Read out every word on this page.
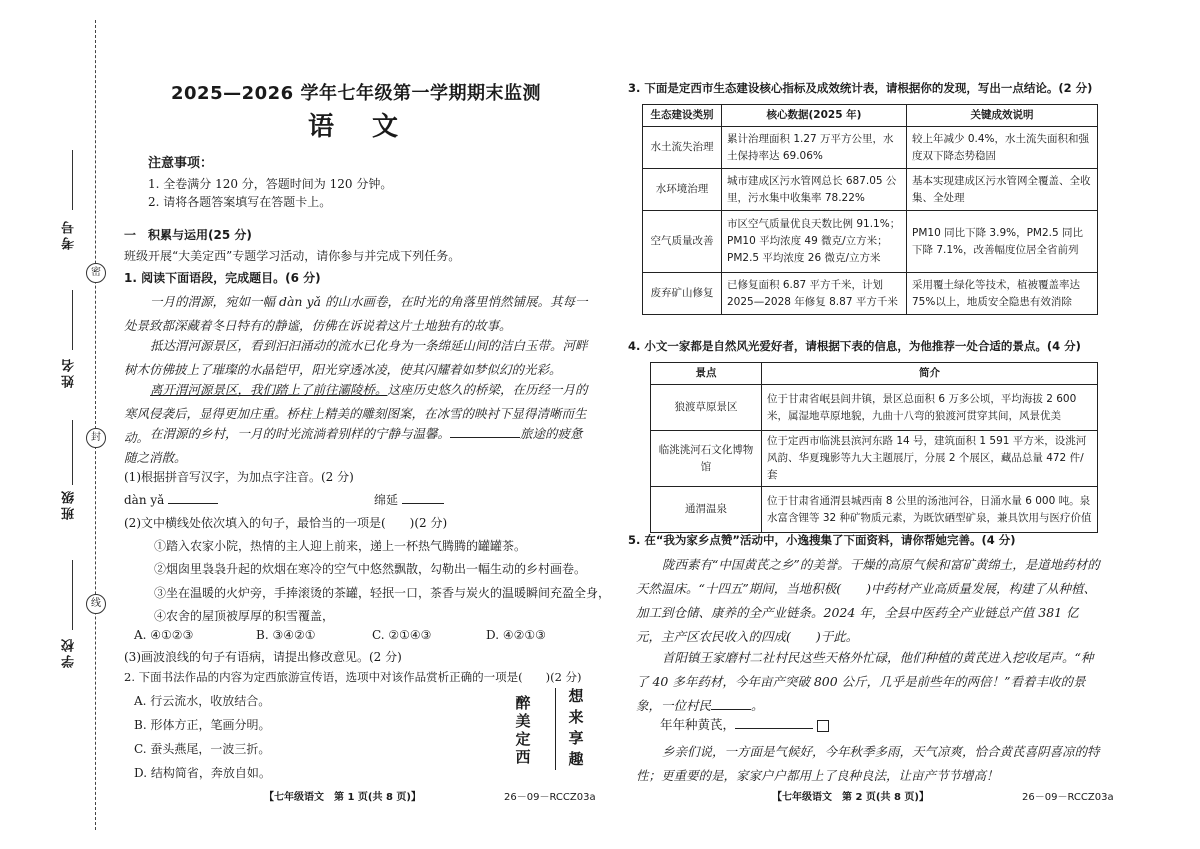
密
封
线
考号
姓名
班级
学校
2025—2026 学年七年级第一学期期末监测
语文
注意事项：
1. 全卷满分 120 分，答题时间为 120 分钟。
2. 请将各题答案填写在答题卡上。
一　积累与运用(25 分)
班级开展“大美定西”专题学习活动，请你参与并完成下列任务。
1. 阅读下面语段，完成题目。(6 分)
一月的渭源，宛如一幅 dàn yǎ 的山水画卷，在时光的角落里悄然铺展。其每一处景致都深藏着冬日特有的静谧，仿佛在诉说着这片土地独有的故事。
抵达渭河源景区，看到汩汩涌动的流水已化身为一条绵延山间的洁白玉带。河畔树木仿佛披上了璀璨的水晶铠甲，阳光穿透冰凌，使其闪耀着如梦似幻的光彩。
离开渭河源景区，我们踏上了前往灞陵桥。这座历史悠久的桥梁，在历经一月的寒风侵袭后，显得更加庄重。桥柱上精美的雕刻图案，在冰雪的映衬下显得清晰而生动。 在渭源的乡村，一月的时光流淌着别样的宁静与温馨。	旅途的疲惫随之消散。
(1)根据拼音写汉字，为加点字注音。(2 分)
dàn yǎ	绵延
(2)文中横线处依次填入的句子，最恰当的一项是(　　)(2 分)
①踏入农家小院，热情的主人迎上前来，递上一杯热气腾腾的罐罐茶。
②烟囱里袅袅升起的炊烟在寒冷的空气中悠然飘散，勾勒出一幅生动的乡村画卷。
③坐在温暖的火炉旁，手捧滚烫的茶罐，轻抿一口，茶香与炭火的温暖瞬间充盈全身，
④农舍的屋顶被厚厚的积雪覆盖，
A. ④①②③	B. ③④②①	C. ②①④③	D. ④②①③
(3)画波浪线的句子有语病，请提出修改意见。(2 分)
2. 下面书法作品的内容为定西旅游宣传语，选项中对该作品赏析正确的一项是(　　)(2 分)
A. 行云流水，收放结合。
B. 形体方正，笔画分明。
C. 蚕头燕尾，一波三折。
D. 结构简省，奔放自如。
醉美定西
想来享趣
【七年级语文　第 1 页(共 8 页)】	26－09－RCCZ03a
3. 下面是定西市生态建设核心指标及成效统计表，请根据你的发现，写出一点结论。(2 分)
生态建设类别	核心数据(2025 年)	关键成效说明
水土流失治理	累计治理面积 1.27 万平方公里，水土保持率达 69.06%	较上年减少 0.4%，水土流失面积和强度双下降态势稳固
水环境治理	城市建成区污水管网总长 687.05 公里，污水集中收集率 78.22%	基本实现建成区污水管网全覆盖、全收集、全处理
空气质量改善	市区空气质量优良天数比例 91.1%；PM10 平均浓度 49 微克/立方米；PM2.5 平均浓度 26 微克/立方米	PM10 同比下降 3.9%，PM2.5 同比下降 7.1%，改善幅度位居全省前列
废弃矿山修复	已修复面积 6.87 平方千米，计划 2025—2028 年修复 8.87 平方千米	采用覆土绿化等技术，植被覆盖率达 75%以上，地质安全隐患有效消除
4. 小文一家都是自然风光爱好者，请根据下表的信息，为他推荐一处合适的景点。(4 分)
景点	简介
狼渡草原景区	位于甘肃省岷县闾井镇，景区总面积 6 万多公顷，平均海拔 2 600 米，属湿地草原地貌，九曲十八弯的狼渡河贯穿其间，风景优美
临洮洮河石文化博物馆	位于定西市临洮县滨河东路 14 号，建筑面积 1 591 平方米，设洮河风韵、华夏瑰影等九大主题展厅，分展 2 个展区，藏品总量 472 件/套
通渭温泉	位于甘肃省通渭县城西南 8 公里的汤池河谷，日涌水量 6 000 吨。泉水富含锂等 32 种矿物质元素，为既饮硒型矿泉，兼具饮用与医疗价值
5. 在“我为家乡点赞”活动中，小逸搜集了下面资料，请你帮她完善。(4 分)
陇西素有“中国黄芪之乡”的美誉。干燥的高原气候和富矿黄绵土，是道地药材的天然温床。“十四五”期间，当地积极(　　)中药材产业高质量发展，构建了从种植、加工到仓储、康养的全产业链条。2024 年，全县中医药全产业链总产值 381 亿元，主产区农民收入的四成(　　)于此。
首阳镇王家磨村二社村民这些天格外忙碌，他们种植的黄芪进入挖收尾声。“种了 40 多年药材，今年亩产突破 800 公斤，几乎是前些年的两倍！”看着丰收的景象，一位村民	。
年年种黄芪，
乡亲们说，一方面是气候好，今年秋季多雨，天气凉爽，恰合黄芪喜阴喜凉的特性；更重要的是，家家户户都用上了良种良法，让亩产节节增高！
【七年级语文　第 2 页(共 8 页)】	26－09－RCCZ03a
